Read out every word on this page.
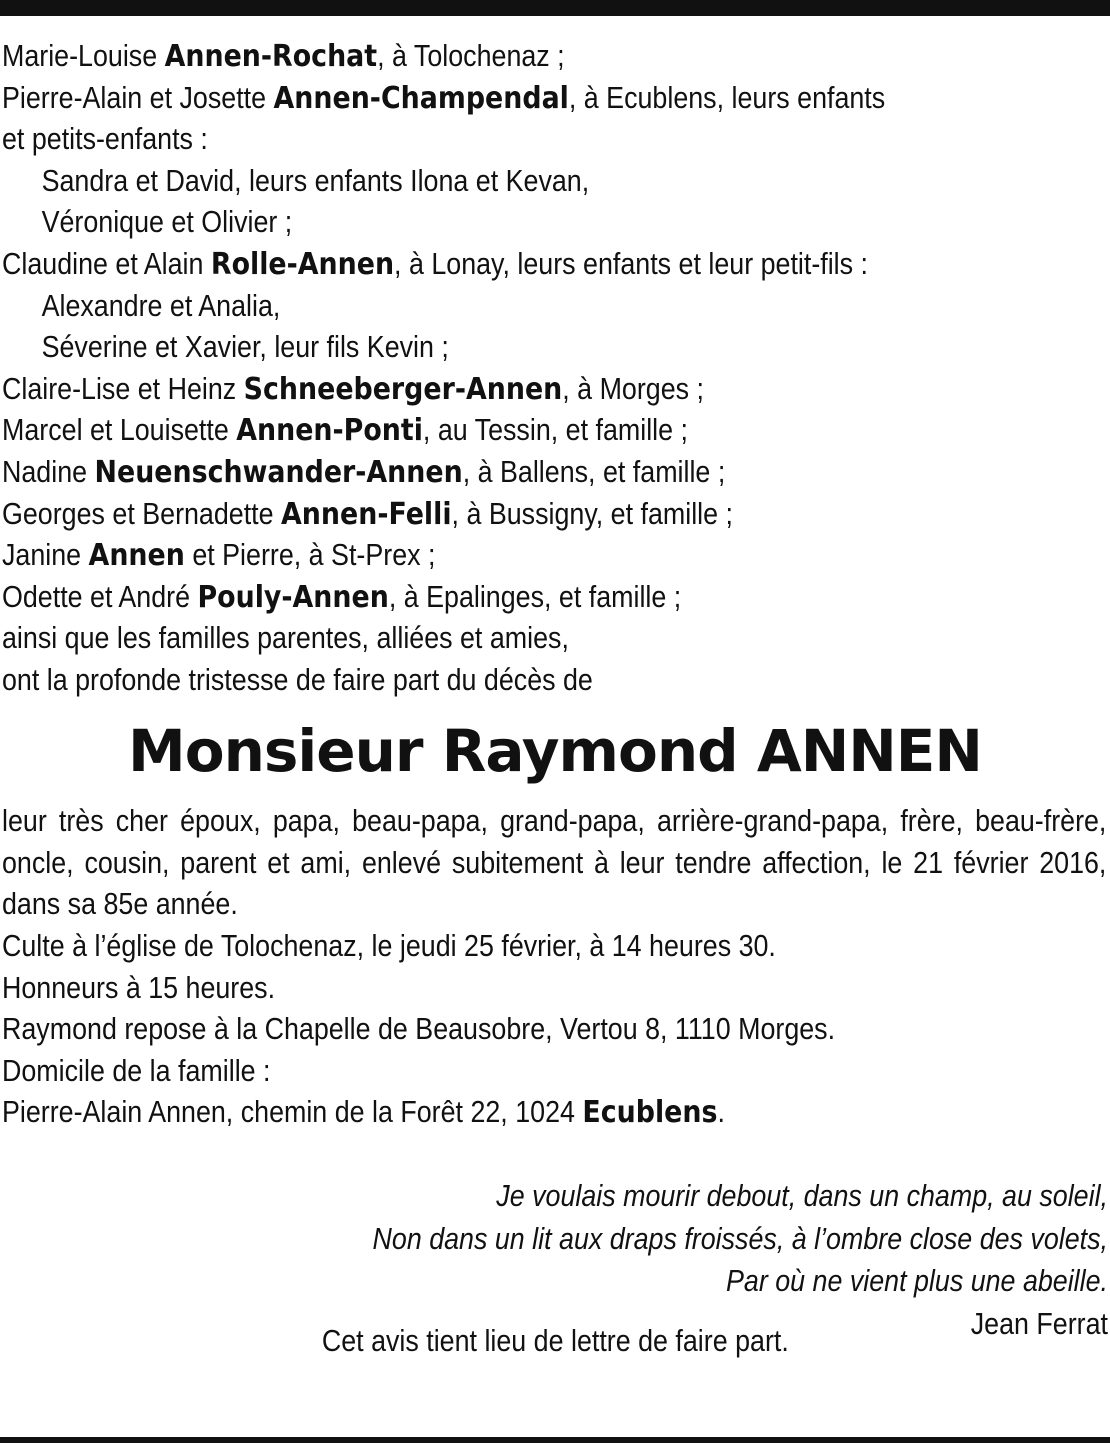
Marie-Louise Annen-Rochat, à Tolochenaz ;
Pierre-Alain et Josette Annen-Champendal, à Ecublens, leurs enfants
et petits-enfants :
Sandra et David, leurs enfants Ilona et Kevan,
Véronique et Olivier ;
Claudine et Alain Rolle-Annen, à Lonay, leurs enfants et leur petit-fils :
Alexandre et Analia,
Séverine et Xavier, leur fils Kevin ;
Claire-Lise et Heinz Schneeberger-Annen, à Morges ;
Marcel et Louisette Annen-Ponti, au Tessin, et famille ;
Nadine Neuenschwander-Annen, à Ballens, et famille ;
Georges et Bernadette Annen-Felli, à Bussigny, et famille ;
Janine Annen et Pierre, à St-Prex ;
Odette et André Pouly-Annen, à Epalinges, et famille ;
ainsi que les familles parentes, alliées et amies,
ont la profonde tristesse de faire part du décès de
Monsieur Raymond ANNEN
leur très cher époux, papa, beau-papa, grand-papa, arrière-grand-papa, frère, beau-frère, oncle, cousin, parent et ami, enlevé subitement à leur tendre affection, le 21 février 2016, dans sa 85e année.
Culte à l’église de Tolochenaz, le jeudi 25 février, à 14 heures 30.
Honneurs à 15 heures.
Raymond repose à la Chapelle de Beausobre, Vertou 8, 1110 Morges.
Domicile de la famille :
Pierre-Alain Annen, chemin de la Forêt 22, 1024 Ecublens.
Je voulais mourir debout, dans un champ, au soleil,
Non dans un lit aux draps froissés, à l’ombre close des volets,
Par où ne vient plus une abeille.
Jean Ferrat
Cet avis tient lieu de lettre de faire part.
